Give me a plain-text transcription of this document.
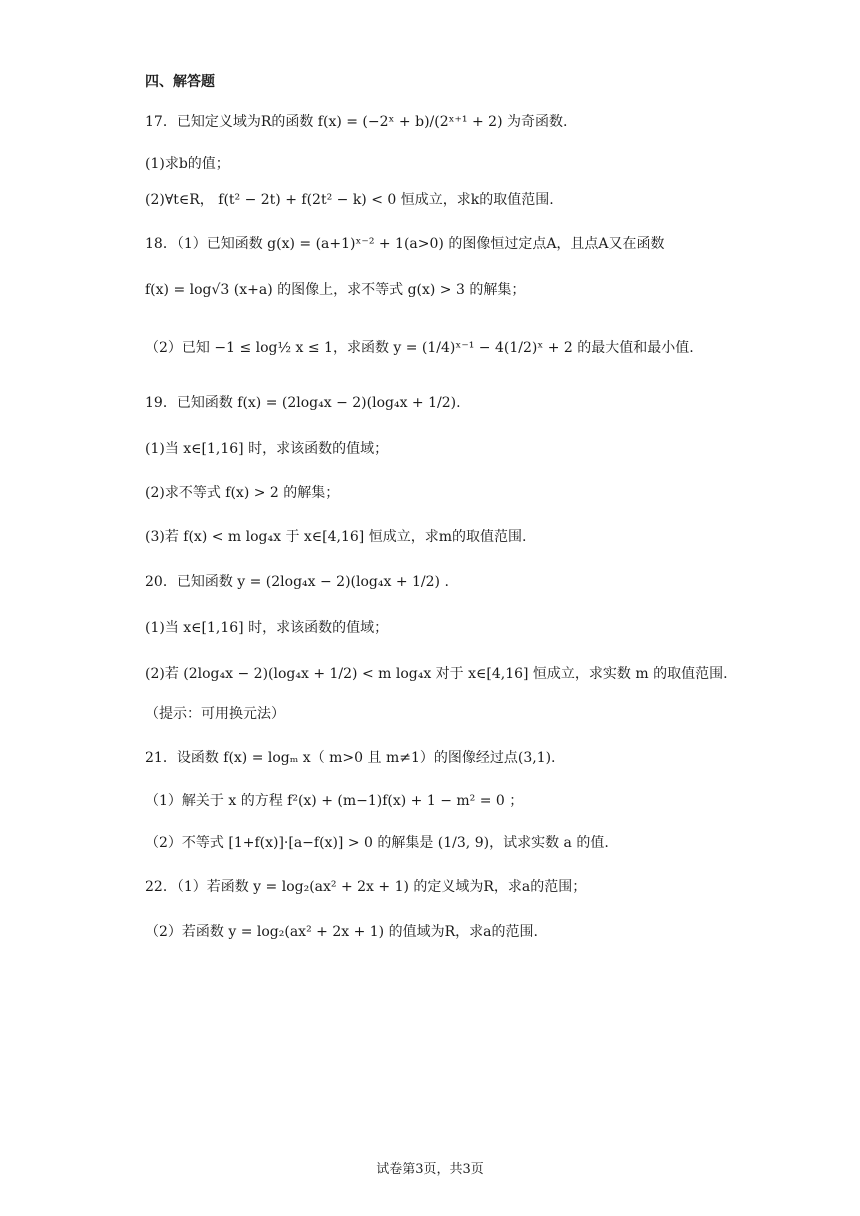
四、解答题
17．已知定义域为R的函数 f(x) = (−2ˣ + b)/(2ˣ⁺¹ + 2) 为奇函数.
(1)求b的值；
(2)∀t∈R， f(t² − 2t) + f(2t² − k) < 0 恒成立，求k的取值范围.
18．（1）已知函数 g(x) = (a+1)ˣ⁻² + 1(a>0) 的图像恒过定点A，且点A又在函数
f(x) = log√3 (x+a) 的图像上，求不等式 g(x) > 3 的解集；
（2）已知 −1 ≤ log½ x ≤ 1，求函数 y = (1/4)ˣ⁻¹ − 4(1/2)ˣ + 2 的最大值和最小值.
19．已知函数 f(x) = (2log₄x − 2)(log₄x + 1/2).
(1)当 x∈[1,16] 时，求该函数的值域；
(2)求不等式 f(x) > 2 的解集；
(3)若 f(x) < m log₄x 于 x∈[4,16] 恒成立，求m的取值范围.
20．已知函数 y = (2log₄x − 2)(log₄x + 1/2) .
(1)当 x∈[1,16] 时，求该函数的值域；
(2)若 (2log₄x − 2)(log₄x + 1/2) < m log₄x 对于 x∈[4,16] 恒成立，求实数 m 的取值范围.
（提示：可用换元法）
21．设函数 f(x) = logₘ x（ m>0 且 m≠1）的图像经过点(3,1).
（1）解关于 x 的方程 f²(x) + (m−1)f(x) + 1 − m² = 0 ；
（2）不等式 [1+f(x)]·[a−f(x)] > 0 的解集是 (1/3, 9)，试求实数 a 的值.
22．（1）若函数 y = log₂(ax² + 2x + 1) 的定义域为R，求a的范围；
（2）若函数 y = log₂(ax² + 2x + 1) 的值域为R，求a的范围.
试卷第3页，共3页
